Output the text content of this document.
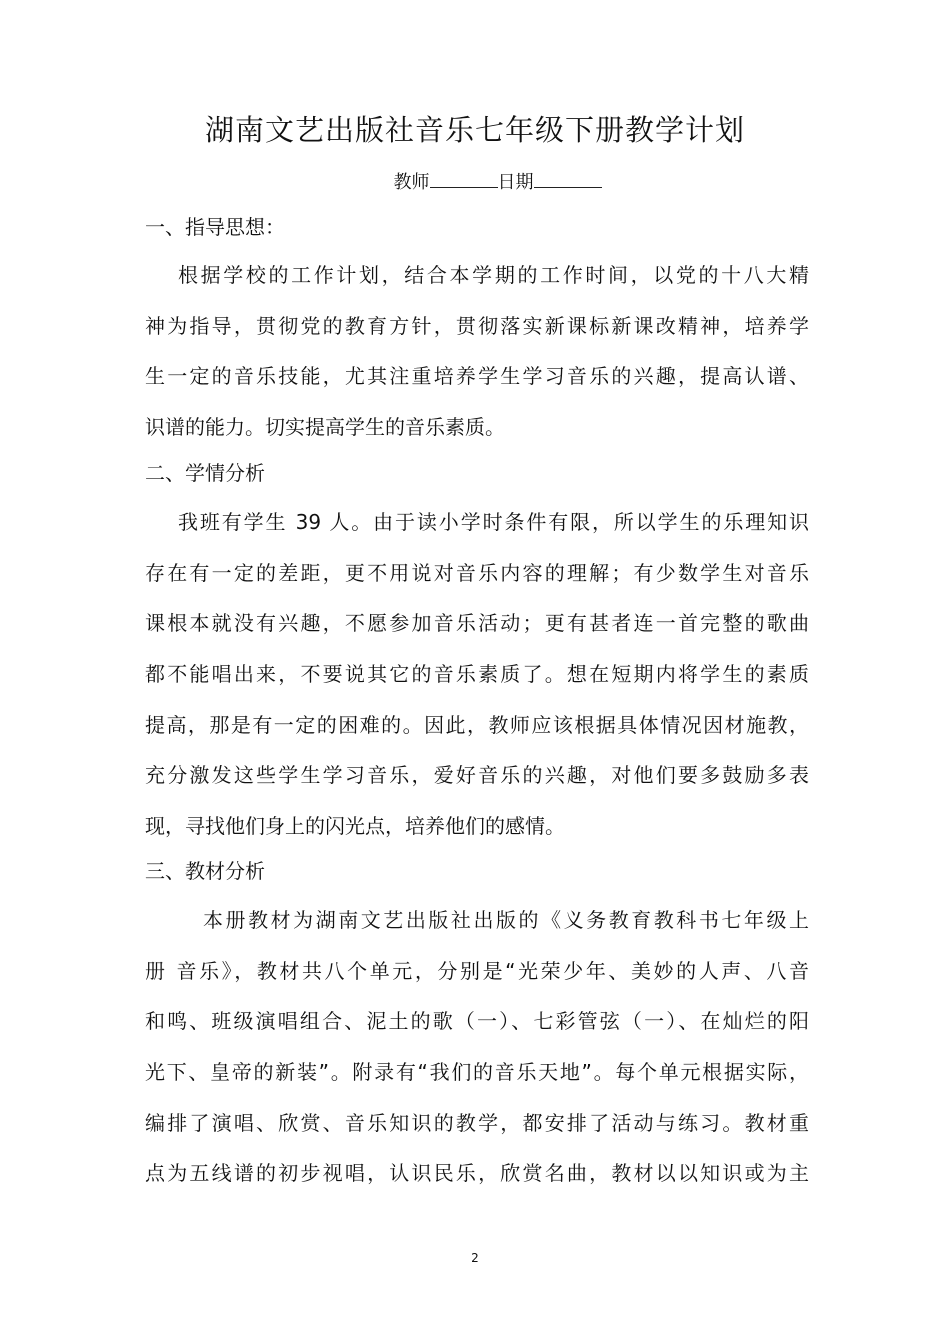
湖南文艺出版社音乐七年级下册教学计划
教师	日期
一、指导思想：
根据学校的工作计划，结合本学期的工作时间，以党的十八大精
神为指导，贯彻党的教育方针，贯彻落实新课标新课改精神，培养学
生一定的音乐技能，尤其注重培养学生学习音乐的兴趣，提高认谱、
识谱的能力。切实提高学生的音乐素质。
二、学情分析
我班有学生 39 人。由于读小学时条件有限，所以学生的乐理知识
存在有一定的差距，更不用说对音乐内容的理解；有少数学生对音乐
课根本就没有兴趣，不愿参加音乐活动；更有甚者连一首完整的歌曲
都不能唱出来，不要说其它的音乐素质了。想在短期内将学生的素质
提高，那是有一定的困难的。因此，教师应该根据具体情况因材施教，
充分激发这些学生学习音乐，爱好音乐的兴趣，对他们要多鼓励多表
现，寻找他们身上的闪光点，培养他们的感情。
三、教材分析
本册教材为湖南文艺出版社出版的《义务教育教科书七年级上
册 音乐》，教材共八个单元，分别是“光荣少年、美妙的人声、八音
和鸣、班级演唱组合、泥土的歌（一）、七彩管弦（一）、在灿烂的阳
光下、皇帝的新装”。附录有“我们的音乐天地”。每个单元根据实际，
编排了演唱、欣赏、音乐知识的教学，都安排了活动与练习。教材重
点为五线谱的初步视唱，认识民乐，欣赏名曲，教材以以知识或为主
2
